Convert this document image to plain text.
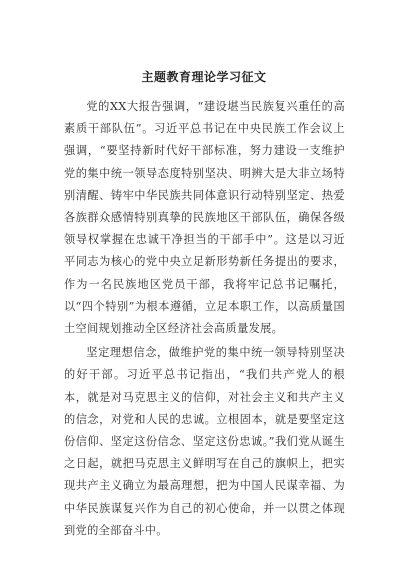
主题教育理论学习征文

党的XX大报告强调，“建设堪当民族复兴重任的高素质干部队伍”。习近平总书记在中央民族工作会议上强调，“要坚持新时代好干部标准，努力建设一支维护党的集中统一领导态度特别坚决、明辨大是大非立场特别清醒、铸牢中华民族共同体意识行动特别坚定、热爱各族群众感情特别真挚的民族地区干部队伍，确保各级领导权掌握在忠诚干净担当的干部手中”。这是以习近平同志为核心的党中央立足新形势新任务提出的要求，作为一名民族地区党员干部，我将牢记总书记嘱托，以“四个特别”为根本遵循，立足本职工作，以高质量国土空间规划推动全区经济社会高质量发展。

坚定理想信念，做维护党的集中统一领导特别坚决的好干部。习近平总书记指出，“我们共产党人的根本，就是对马克思主义的信仰，对社会主义和共产主义的信念，对党和人民的忠诚。立根固本，就是要坚定这份信仰、坚定这份信念、坚定这份忠诚。”我们党从诞生之日起，就把马克思主义鲜明写在自己的旗帜上，把实现共产主义确立为最高理想，把为中国人民谋幸福、为中华民族谋复兴作为自己的初心使命，并一以贯之体现到党的全部奋斗中。
